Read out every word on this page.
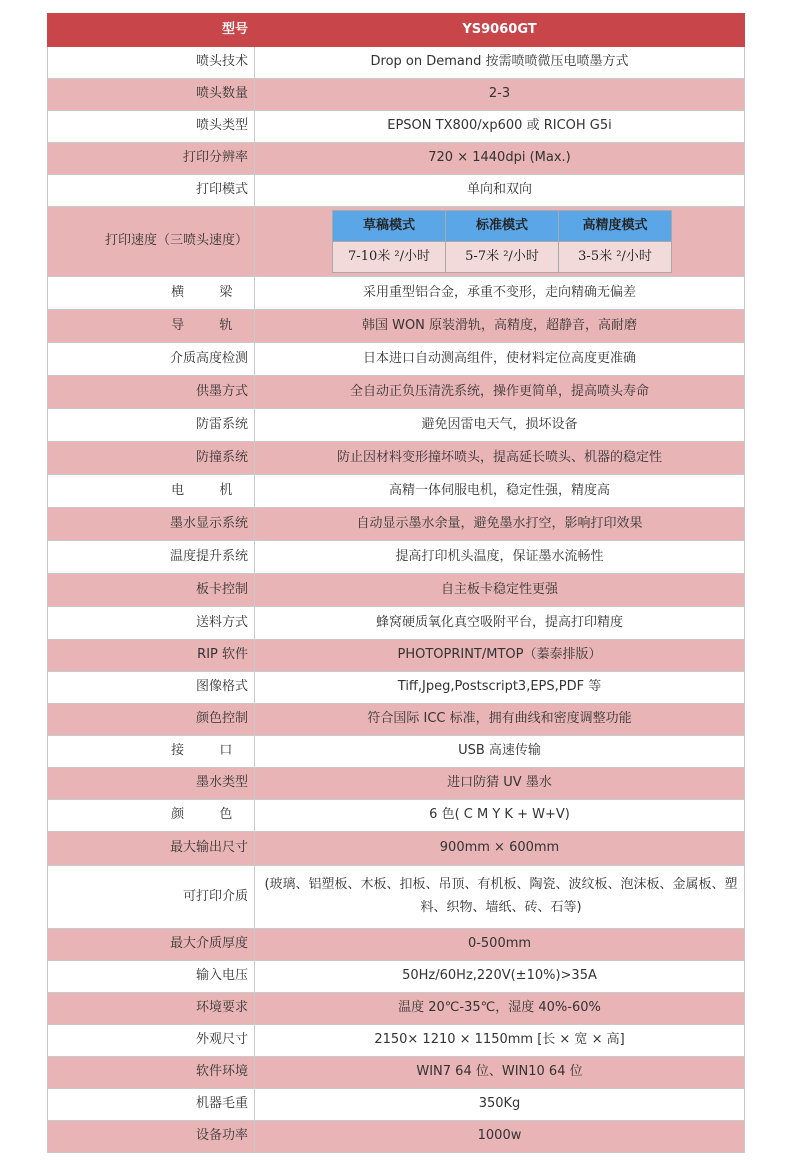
型号	YS9060GT
喷头技术	Drop on Demand 按需喷喷微压电喷墨方式
喷头数量	2-3
喷头类型	EPSON TX800/xp600 或 RICOH G5i
打印分辨率	720 × 1440dpi (Max.)
打印模式	单向和双向
打印速度（三喷头速度）	
草稿模式	标准模式	高精度模式
7-10米 ²/小时	5-7米 ²/小时	3-5米 ²/小时

横 梁	采用重型铝合金，承重不变形，走向精确无偏差
导 轨	韩国 WON 原装滑轨，高精度，超静音，高耐磨
介质高度检测	日本进口自动测高组件，使材料定位高度更准确
供墨方式	全自动正负压清洗系统，操作更简单，提高喷头寿命
防雷系统	避免因雷电天气，损坏设备
防撞系统	防止因材料变形撞坏喷头，提高延长喷头、机器的稳定性
电 机	高精一体伺服电机，稳定性强，精度高
墨水显示系统	自动显示墨水余量，避免墨水打空，影响打印效果
温度提升系统	提高打印机头温度，保证墨水流畅性
板卡控制	自主板卡稳定性更强
送料方式	蜂窝硬质氧化真空吸附平台，提高打印精度
RIP 软件	PHOTOPRINT/MTOP（蓁泰排版）
图像格式	Tiff,Jpeg,Postscript3,EPS,PDF 等
颜色控制	符合国际 ICC 标准，拥有曲线和密度调整功能
接 口	USB 高速传输
墨水类型	进口防猜 UV 墨水
颜 色	6 色( C M Y K + W+V)
最大输出尺寸	900mm × 600mm
可打印介质	(玻璃、铝塑板、木板、扣板、吊顶、有机板、陶瓷、波纹板、泡沫板、金属板、塑料、织物、墙纸、砖、石等)
最大介质厚度	0-500mm
输入电压	50Hz/60Hz,220V(±10%)>35A
环境要求	温度 20℃-35℃，湿度 40%-60%
外观尺寸	2150× 1210 × 1150mm [长 × 宽 × 高]
软件环境	WIN7 64 位、WIN10 64 位
机器毛重	350Kg
设备功率	1000w
